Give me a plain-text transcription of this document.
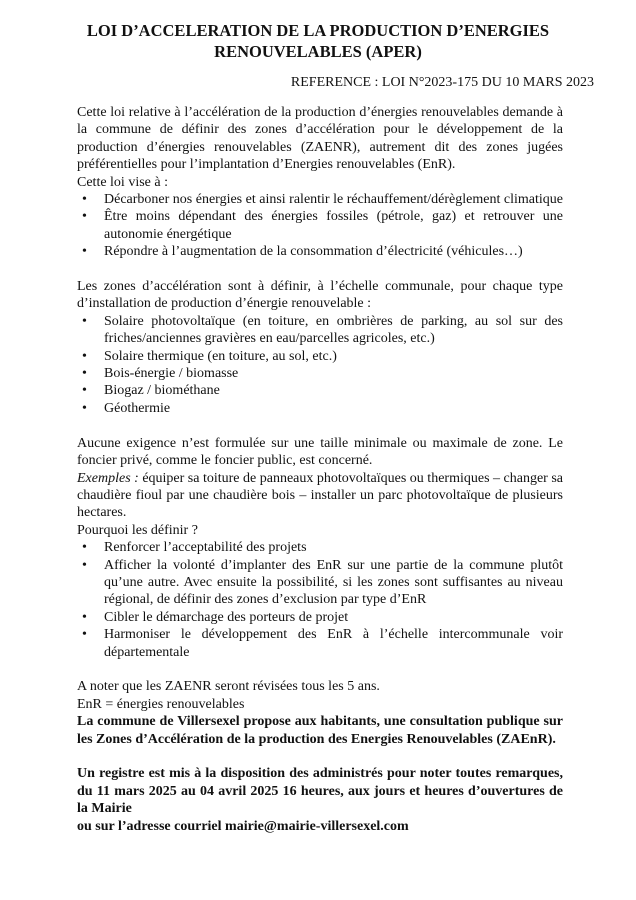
LOI D’ACCELERATION DE LA PRODUCTION D’ENERGIES
RENOUVELABLES (APER)
REFERENCE : LOI N°2023-175 DU 10 MARS 2023

Cette loi relative à l’accélération de la production d’énergies renouvelables demande à la commune de définir des zones d’accélération pour le développement de la production d’énergies renouvelables (ZAENR), autrement dit des zones jugées préférentielles pour l’implantation d’Energies renouvelables (EnR).

Cette loi vise à :

• Décarboner nos énergies et ainsi ralentir le réchauffement/dérèglement climatique
• Être moins dépendant des énergies fossiles (pétrole, gaz) et retrouver une autonomie énergétique
• Répondre à l’augmentation de la consommation d’électricité (véhicules…)

Les zones d’accélération sont à définir, à l’échelle communale, pour chaque type d’installation de production d’énergie renouvelable :

• Solaire photovoltaïque (en toiture, en ombrières de parking, au sol sur des friches/anciennes gravières en eau/parcelles agricoles, etc.)
• Solaire thermique (en toiture, au sol, etc.)
• Bois-énergie / biomasse
• Biogaz / biométhane
• Géothermie

Aucune exigence n’est formulée sur une taille minimale ou maximale de zone. Le foncier privé, comme le foncier public, est concerné.

Exemples : équiper sa toiture de panneaux photovoltaïques ou thermiques – changer sa chaudière fioul par une chaudière bois – installer un parc photovoltaïque de plusieurs hectares.

Pourquoi les définir ?

• Renforcer l’acceptabilité des projets
• Afficher la volonté d’implanter des EnR sur une partie de la commune plutôt qu’une autre. Avec ensuite la possibilité, si les zones sont suffisantes au niveau régional, de définir des zones d’exclusion par type d’EnR
• Cibler le démarchage des porteurs de projet
• Harmoniser le développement des EnR à l’échelle intercommunale voir départementale

A noter que les ZAENR seront révisées tous les 5 ans.

EnR = énergies renouvelables

La commune de Villersexel propose aux habitants, une consultation publique sur les Zones d’Accélération de la production des Energies Renouvelables (ZAEnR).

Un registre est mis à la disposition des administrés pour noter toutes remarques, du 11 mars 2025 au 04 avril 2025 16 heures, aux jours et heures d’ouvertures de la Mairie

ou sur l’adresse courriel mairie@mairie-villersexel.com
